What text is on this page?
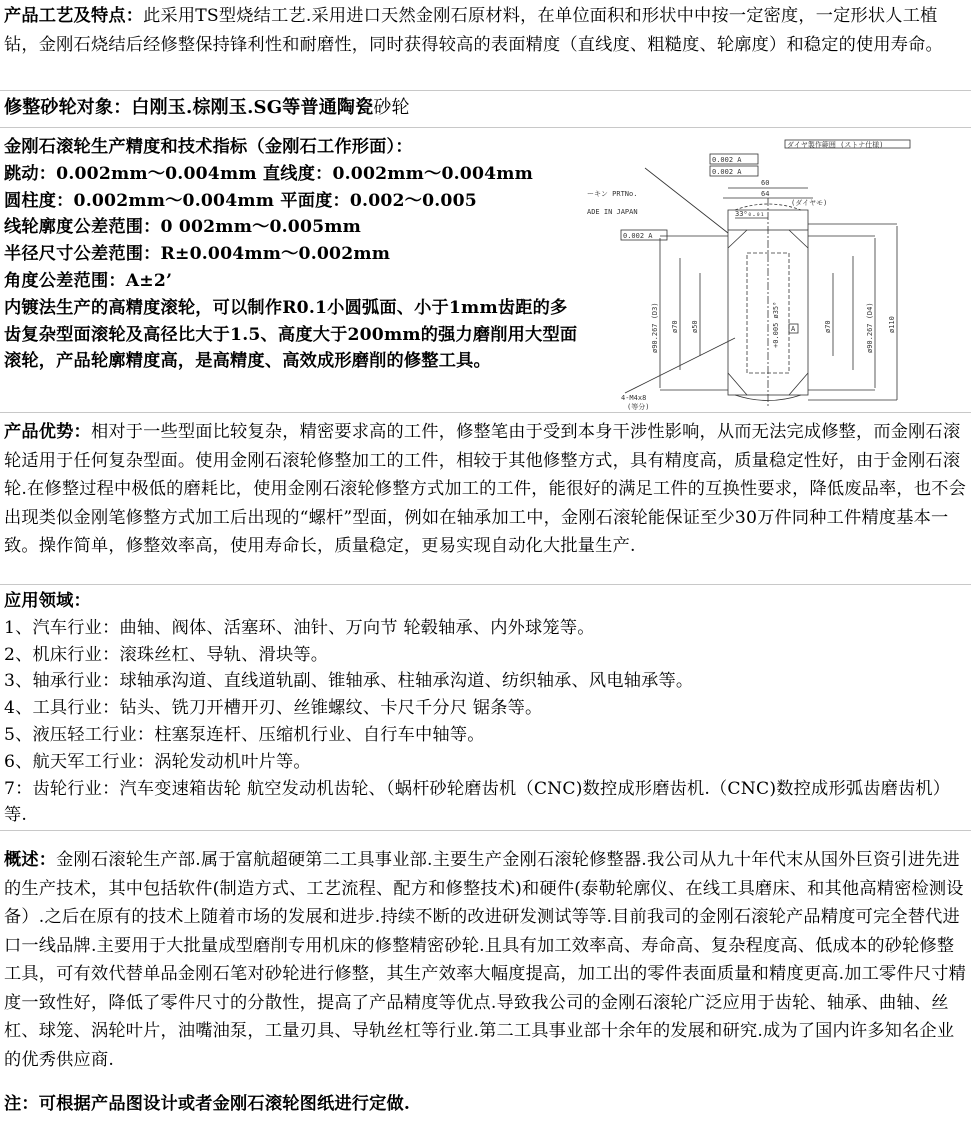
产品工艺及特点：此采用TS型烧结工艺.采用进口天然金刚石原材料，在单位面积和形状中中按一定密度，一定形状人工植钻，金刚石烧结后经修整保持锋利性和耐磨性，同时获得较高的表面精度（直线度、粗糙度、轮廓度）和稳定的使用寿命。
修整砂轮对象：白刚玉.棕刚玉.SG等普通陶瓷砂轮
金刚石滚轮生产精度和技术指标（金刚石工作形面）：
跳动：0.002mm～0.004mm 直线度：0.002mm～0.004mm
圆柱度：0.002mm～0.004mm 平面度：0.002～0.005
线轮廓度公差范围：0 002mm～0.005mm
半径尺寸公差范围：R±0.004mm～0.002mm
角度公差范围：A±2’
内镀法生产的高精度滚轮，可以制作R0.1小圆弧面、小于1mm齿距的多齿复杂型面滚轮及高径比大于1.5、高度大于200mm的强力磨削用大型面滚轮，产品轮廓精度高，是高精度、高效成形磨削的修整工具。
ダイヤ製作範囲 (ストナ仕様)
0.002 A
0.002 A
0.002 A
60
64
(ダイヤモ)
33⁰₀.₀₁
ーキン PRTNo.
ADE IN JAPAN
ø90.267 (D3) ø70 ø50	+0.005 ø35⁰	ø70	ø90.267 (D4) ø110
A
4-M4x8
(等分)
产品优势：相对于一些型面比较复杂，精密要求高的工件，修整笔由于受到本身干涉性影响，从而无法完成修整，而金刚石滚轮适用于任何复杂型面。使用金刚石滚轮修整加工的工件，相较于其他修整方式，具有精度高，质量稳定性好，由于金刚石滚轮.在修整过程中极低的磨耗比，使用金刚石滚轮修整方式加工的工件，能很好的满足工件的互换性要求，降低废品率，也不会出现类似金刚笔修整方式加工后出现的“螺杆”型面，例如在轴承加工中，金刚石滚轮能保证至少30万件同种工件精度基本一致。操作简单，修整效率高，使用寿命长，质量稳定，更易实现自动化大批量生产.
应用领域：
1、汽车行业：曲轴、阀体、活塞环、油针、万向节 轮毂轴承、内外球笼等。
2、机床行业：滚珠丝杠、导轨、滑块等。
3、轴承行业：球轴承沟道、直线道轨副、锥轴承、柱轴承沟道、纺织轴承、风电轴承等。
4、工具行业：钻头、铣刀开槽开刃、丝锥螺纹、卡尺千分尺 锯条等。
5、液压轻工行业：柱塞泵连杆、压缩机行业、自行车中轴等。
6、航天军工行业：涡轮发动机叶片等。
7：齿轮行业：汽车变速箱齿轮 航空发动机齿轮、（蜗杆砂轮磨齿机（CNC)数控成形磨齿机.（CNC)数控成形弧齿磨齿机）等.
概述：金刚石滚轮生产部.属于富航超硬第二工具事业部.主要生产金刚石滚轮修整器.我公司从九十年代末从国外巨资引进先进的生产技术，其中包括软件(制造方式、工艺流程、配方和修整技术)和硬件(泰勒轮廓仪、在线工具磨床、和其他高精密检测设备）.之后在原有的技术上随着市场的发展和进步.持续不断的改进研发测试等等.目前我司的金刚石滚轮产品精度可完全替代进口一线品牌.主要用于大批量成型磨削专用机床的修整精密砂轮.且具有加工效率高、寿命高、复杂程度高、低成本的砂轮修整工具，可有效代替单品金刚石笔对砂轮进行修整，其生产效率大幅度提高，加工出的零件表面质量和精度更高.加工零件尺寸精度一致性好，降低了零件尺寸的分散性，提高了产品精度等优点.导致我公司的金刚石滚轮广泛应用于齿轮、轴承、曲轴、丝杠、球笼、涡轮叶片，油嘴油泵，工量刃具、导轨丝杠等行业.第二工具事业部十余年的发展和研究.成为了国内许多知名企业的优秀供应商.
注：可根据产品图设计或者金刚石滚轮图纸进行定做.
